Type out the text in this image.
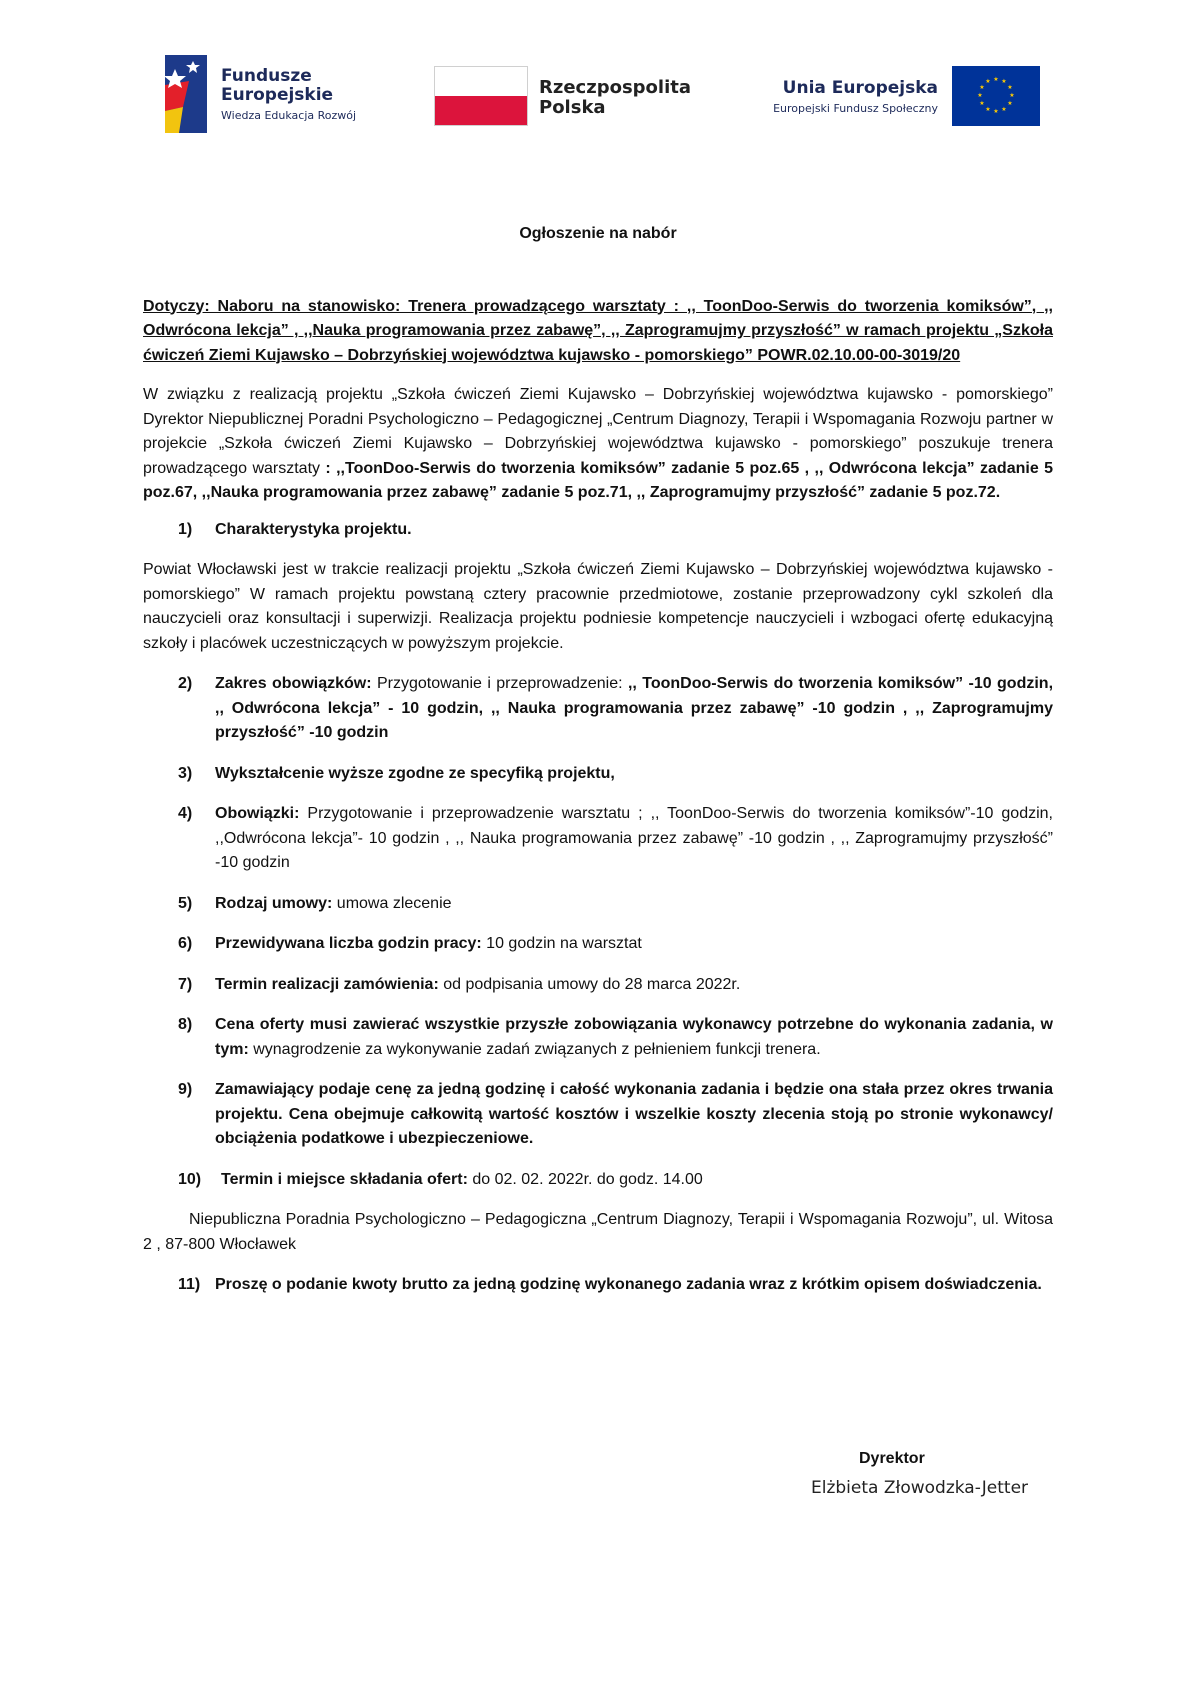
Fundusze
Europejskie
Wiedza Edukacja Rozwój
Rzeczpospolita
Polska
Unia Europejska
Europejski Fundusz Społeczny
★ ★
★
★
★
★
★
★
★
★
★
★
Ogłoszenie na nabór

Dotyczy: Naboru na stanowisko: Trenera prowadzącego warsztaty : ,, ToonDoo-Serwis do tworzenia komiksów”, ,, Odwrócona lekcja” , ,,Nauka programowania przez zabawę”, ,, Zaprogramujmy przyszłość” w ramach projektu „Szkoła ćwiczeń Ziemi Kujawsko – Dobrzyńskiej województwa kujawsko - pomorskiego” POWR.02.10.00-00-3019/20

W związku z realizacją projektu „Szkoła ćwiczeń Ziemi Kujawsko – Dobrzyńskiej województwa kujawsko - pomorskiego” Dyrektor Niepublicznej Poradni Psychologiczno – Pedagogicznej „Centrum Diagnozy, Terapii i Wspomagania Rozwoju partner w projekcie „Szkoła ćwiczeń Ziemi Kujawsko – Dobrzyńskiej województwa kujawsko - pomorskiego” poszukuje trenera prowadzącego warsztaty : ,,ToonDoo-Serwis do tworzenia komiksów” zadanie 5 poz.65 , ,, Odwrócona lekcja” zadanie 5 poz.67, ,,Nauka programowania przez zabawę” zadanie 5 poz.71, ,, Zaprogramujmy przyszłość” zadanie 5 poz.72.

1) Charakterystyka projektu.

Powiat Włocławski jest w trakcie realizacji projektu „Szkoła ćwiczeń Ziemi Kujawsko – Dobrzyńskiej województwa kujawsko - pomorskiego” W ramach projektu powstaną cztery pracownie przedmiotowe, zostanie przeprowadzony cykl szkoleń dla nauczycieli oraz konsultacji i superwizji. Realizacja projektu podniesie kompetencje nauczycieli i wzbogaci ofertę edukacyjną szkoły i placówek uczestniczących w powyższym projekcie.

2) Zakres obowiązków: Przygotowanie i przeprowadzenie: ,, ToonDoo-Serwis do tworzenia komiksów” -10 godzin, ,, Odwrócona lekcja” - 10 godzin, ,, Nauka programowania przez zabawę” -10 godzin , ,, Zaprogramujmy przyszłość” -10 godzin
3) Wykształcenie wyższe zgodne ze specyfiką projektu,
4) Obowiązki: Przygotowanie i przeprowadzenie warsztatu ; ,, ToonDoo-Serwis do tworzenia komiksów”-10 godzin, ,,Odwrócona lekcja”- 10 godzin , ,, Nauka programowania przez zabawę” -10 godzin , ,, Zaprogramujmy przyszłość” -10 godzin
5) Rodzaj umowy: umowa zlecenie
6) Przewidywana liczba godzin pracy: 10 godzin na warsztat
7) Termin realizacji zamówienia: od podpisania umowy do 28 marca 2022r.
8) Cena oferty musi zawierać wszystkie przyszłe zobowiązania wykonawcy potrzebne do wykonania zadania, w tym: wynagrodzenie za wykonywanie zadań związanych z pełnieniem funkcji trenera.
9) Zamawiający podaje cenę za jedną godzinę i całość wykonania zadania i będzie ona stała przez okres trwania projektu. Cena obejmuje całkowitą wartość kosztów i wszelkie koszty zlecenia stoją po stronie wykonawcy/ obciążenia podatkowe i ubezpieczeniowe.
10) Termin i miejsce składania ofert: do 02. 02. 2022r. do godz. 14.00

Niepubliczna Poradnia Psychologiczno – Pedagogiczna „Centrum Diagnozy, Terapii i Wspomagania Rozwoju”, ul. Witosa 2 , 87-800 Włocławek

11) Proszę o podanie kwoty brutto za jedną godzinę wykonanego zadania wraz z krótkim opisem doświadczenia.
Dyrektor
Elżbieta Złowodzka-Jetter
